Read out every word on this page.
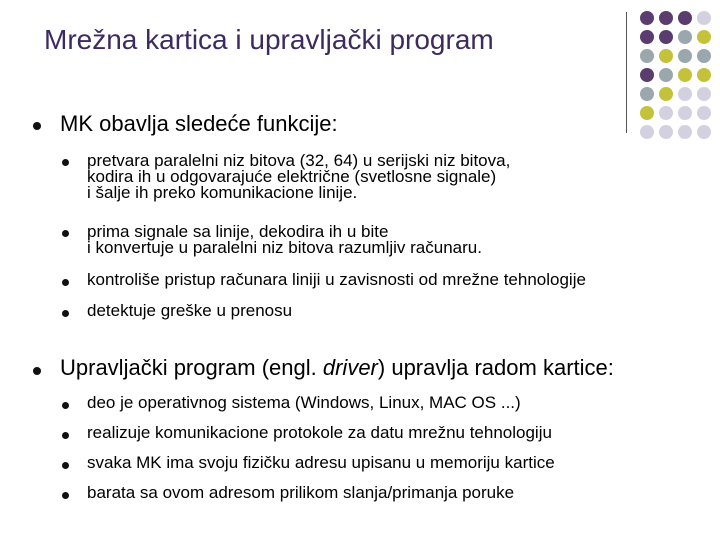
Mrežna kartica i upravljački program
MK obavlja sledeće funkcije:
pretvara paralelni niz bitova (32, 64) u serijski niz bitova,
kodira ih u odgovarajuće električne (svetlosne signale)
i šalje ih preko komunikacione linije.
prima signale sa linije, dekodira ih u bite
i konvertuje u paralelni niz bitova razumljiv računaru.
kontroliše pristup računara liniji u zavisnosti od mrežne tehnologije
detektuje greške u prenosu
Upravljački program (engl. driver) upravlja radom kartice:
deo je operativnog sistema (Windows, Linux, MAC OS ...)
realizuje komunikacione protokole za datu mrežnu tehnologiju
svaka MK ima svoju fizičku adresu upisanu u memoriju kartice
barata sa ovom adresom prilikom slanja/primanja poruke
